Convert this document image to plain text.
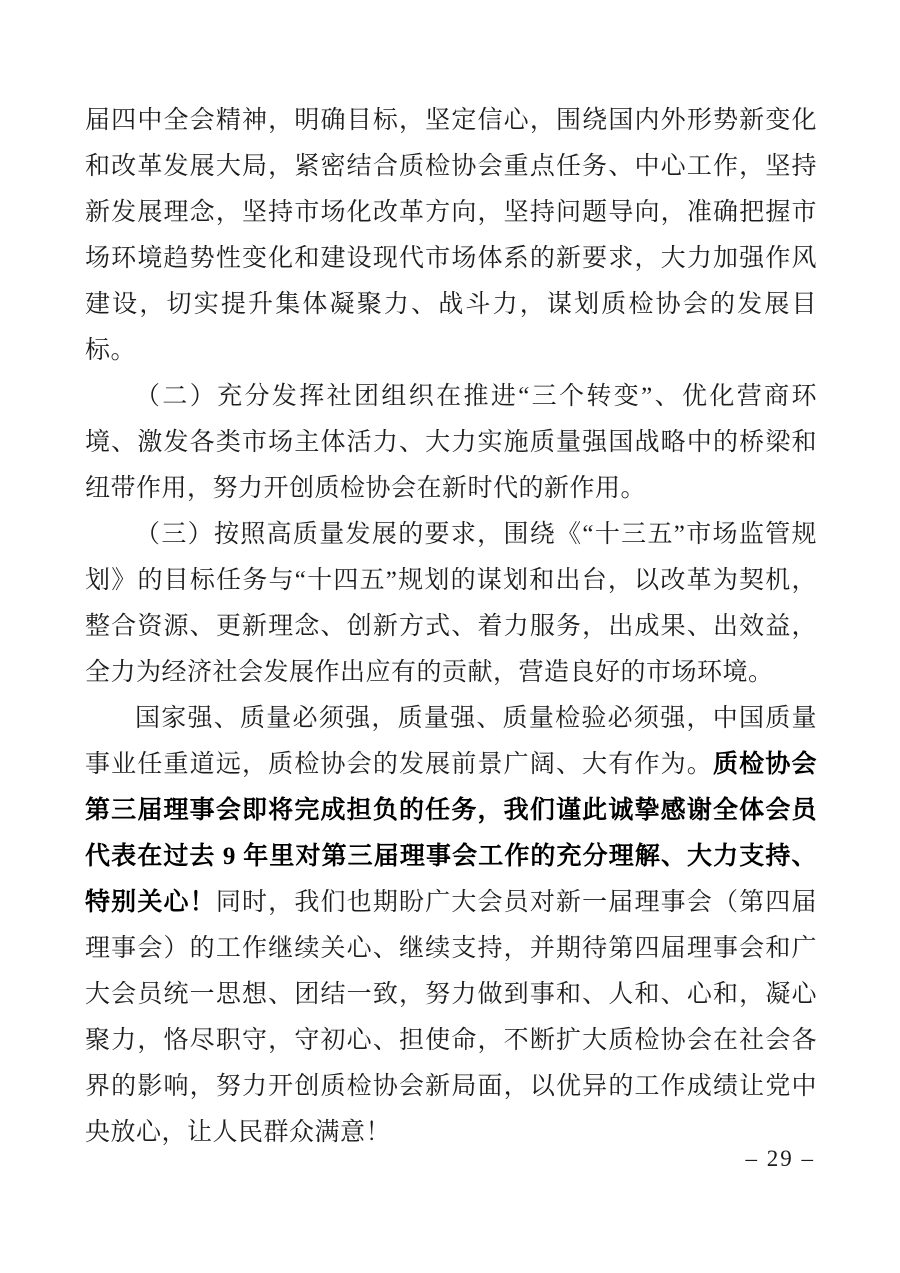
届四中全会精神，明确目标，坚定信心，围绕国内外形势新变化和改革发展大局，紧密结合质检协会重点任务、中心工作，坚持新发展理念，坚持市场化改革方向，坚持问题导向，准确把握市场环境趋势性变化和建设现代市场体系的新要求，大力加强作风建设，切实提升集体凝聚力、战斗力，谋划质检协会的发展目标。

（二）充分发挥社团组织在推进“三个转变”、优化营商环境、激发各类市场主体活力、大力实施质量强国战略中的桥梁和纽带作用，努力开创质检协会在新时代的新作用。

（三）按照高质量发展的要求，围绕《“十三五”市场监管规划》的目标任务与“十四五”规划的谋划和出台，以改革为契机，整合资源、更新理念、创新方式、着力服务，出成果、出效益，全力为经济社会发展作出应有的贡献，营造良好的市场环境。

国家强、质量必须强，质量强、质量检验必须强，中国质量事业任重道远，质检协会的发展前景广阔、大有作为。质检协会第三届理事会即将完成担负的任务，我们谨此诚挚感谢全体会员代表在过去 9 年里对第三届理事会工作的充分理解、大力支持、特别关心！同时，我们也期盼广大会员对新一届理事会（第四届理事会）的工作继续关心、继续支持，并期待第四届理事会和广大会员统一思想、团结一致，努力做到事和、人和、心和，凝心聚力，恪尽职守，守初心、担使命，不断扩大质检协会在社会各界的影响，努力开创质检协会新局面，以优异的工作成绩让党中央放心，让人民群众满意！

– 29 –
